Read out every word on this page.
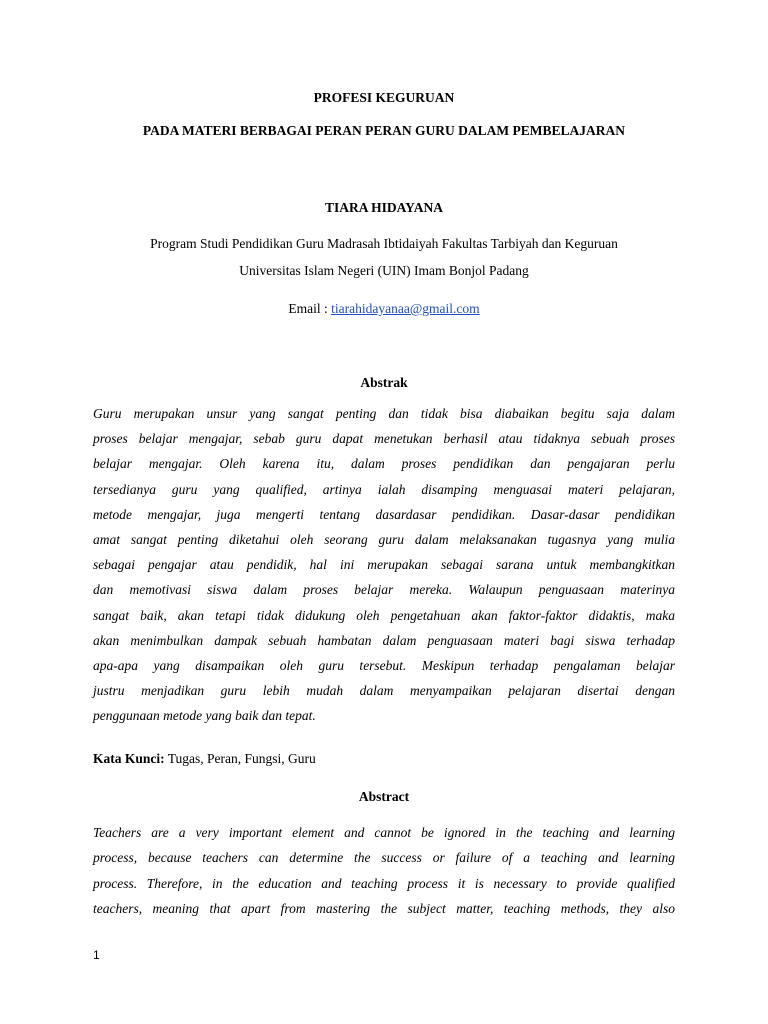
PROFESI KEGURUAN
PADA MATERI BERBAGAI PERAN PERAN GURU DALAM PEMBELAJARAN
TIARA HIDAYANA
Program Studi Pendidikan Guru Madrasah Ibtidaiyah Fakultas Tarbiyah dan Keguruan
Universitas Islam Negeri (UIN) Imam Bonjol Padang
Email : tiarahidayanaa@gmail.com
Abstrak
Guru merupakan unsur yang sangat penting dan tidak bisa diabaikan begitu saja dalam
proses belajar mengajar, sebab guru dapat menetukan berhasil atau tidaknya sebuah proses
belajar mengajar. Oleh karena itu, dalam proses pendidikan dan pengajaran perlu
tersedianya guru yang qualified, artinya ialah disamping menguasai materi pelajaran,
metode mengajar, juga mengerti tentang dasardasar pendidikan. Dasar-dasar pendidikan
amat sangat penting diketahui oleh seorang guru dalam melaksanakan tugasnya yang mulia
sebagai pengajar atau pendidik, hal ini merupakan sebagai sarana untuk membangkitkan
dan memotivasi siswa dalam proses belajar mereka. Walaupun penguasaan materinya
sangat baik, akan tetapi tidak didukung oleh pengetahuan akan faktor-faktor didaktis, maka
akan menimbulkan dampak sebuah hambatan dalam penguasaan materi bagi siswa terhadap
apa-apa yang disampaikan oleh guru tersebut. Meskipun terhadap pengalaman belajar
justru menjadikan guru lebih mudah dalam menyampaikan pelajaran disertai dengan
penggunaan metode yang baik dan tepat.
Kata Kunci: Tugas, Peran, Fungsi, Guru
Abstract
Teachers are a very important element and cannot be ignored in the teaching and learning
process, because teachers can determine the success or failure of a teaching and learning
process. Therefore, in the education and teaching process it is necessary to provide qualified
teachers, meaning that apart from mastering the subject matter, teaching methods, they also
1
